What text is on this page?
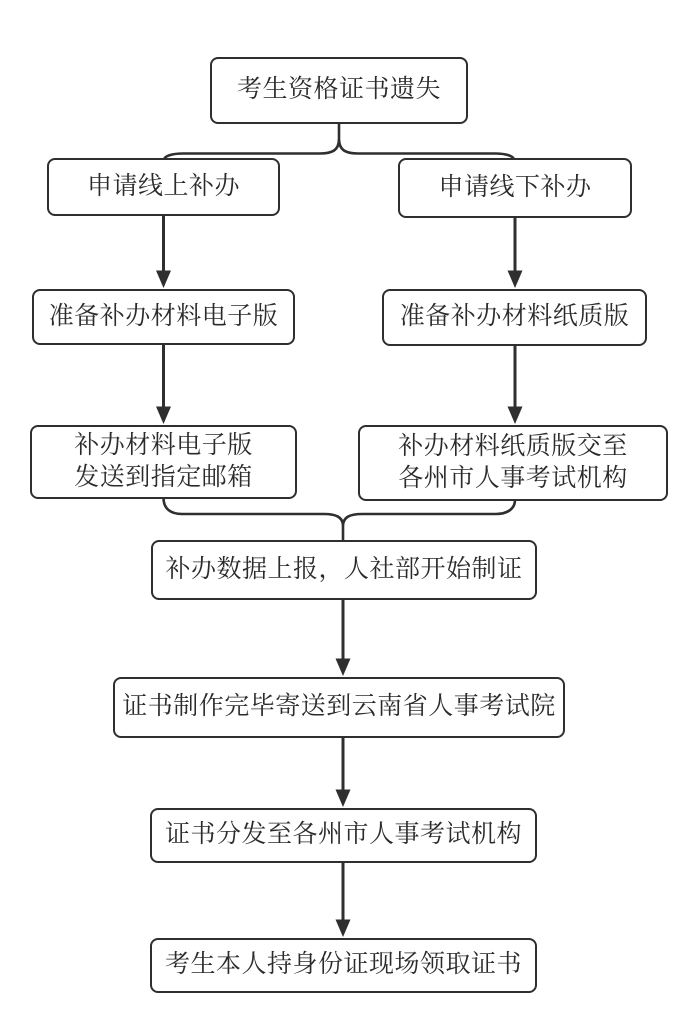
考生资格证书遗失
申请线上补办	申请线下补办
准备补办材料电子版	准备补办材料纸质版
补办材料电子版
发送到指定邮箱
补办材料纸质版交至
各州市人事考试机构
补办数据上报，人社部开始制证
证书制作完毕寄送到云南省人事考试院
证书分发至各州市人事考试机构
考生本人持身份证现场领取证书
